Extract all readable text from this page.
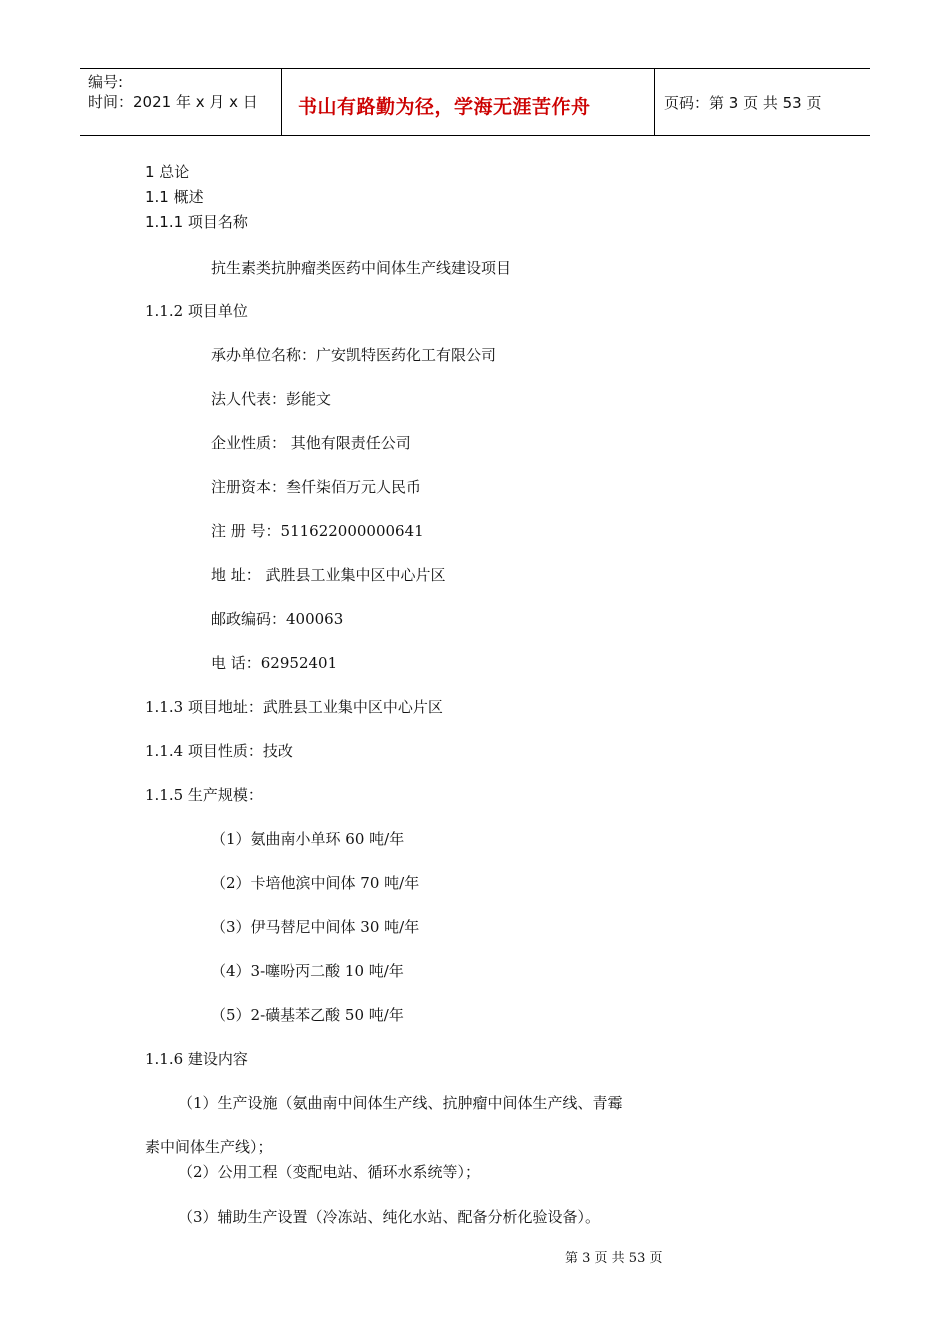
编号:
时间：2021 年 x 月 x 日 书山有路勤为径，学海无涯苦作舟	页码：第 3 页 共 53 页
1 总论
1.1 概述
1.1.1 项目名称
抗生素类抗肿瘤类医药中间体生产线建设项目
1.1.2 项目单位
承办单位名称：广安凯特医药化工有限公司
法人代表：彭能文
企业性质： 其他有限责任公司
注册资本：叁仟柒佰万元人民币
注 册 号：511622000000641
地 址： 武胜县工业集中区中心片区
邮政编码：400063
电 话：62952401
1.1.3 项目地址：武胜县工业集中区中心片区
1.1.4 项目性质：技改
1.1.5 生产规模：
（1）氨曲南小单环 60 吨/年
（2）卡培他滨中间体 70 吨/年
（3）伊马替尼中间体 30 吨/年
（4）3-噻吩丙二酸 10 吨/年
（5）2-磺基苯乙酸 50 吨/年
1.1.6 建设内容
（1）生产设施（氨曲南中间体生产线、抗肿瘤中间体生产线、青霉
素中间体生产线）；
（2）公用工程（变配电站、循环水系统等）；
（3）辅助生产设置（冷冻站、纯化水站、配备分析化验设备）。
第 3 页 共 53 页
